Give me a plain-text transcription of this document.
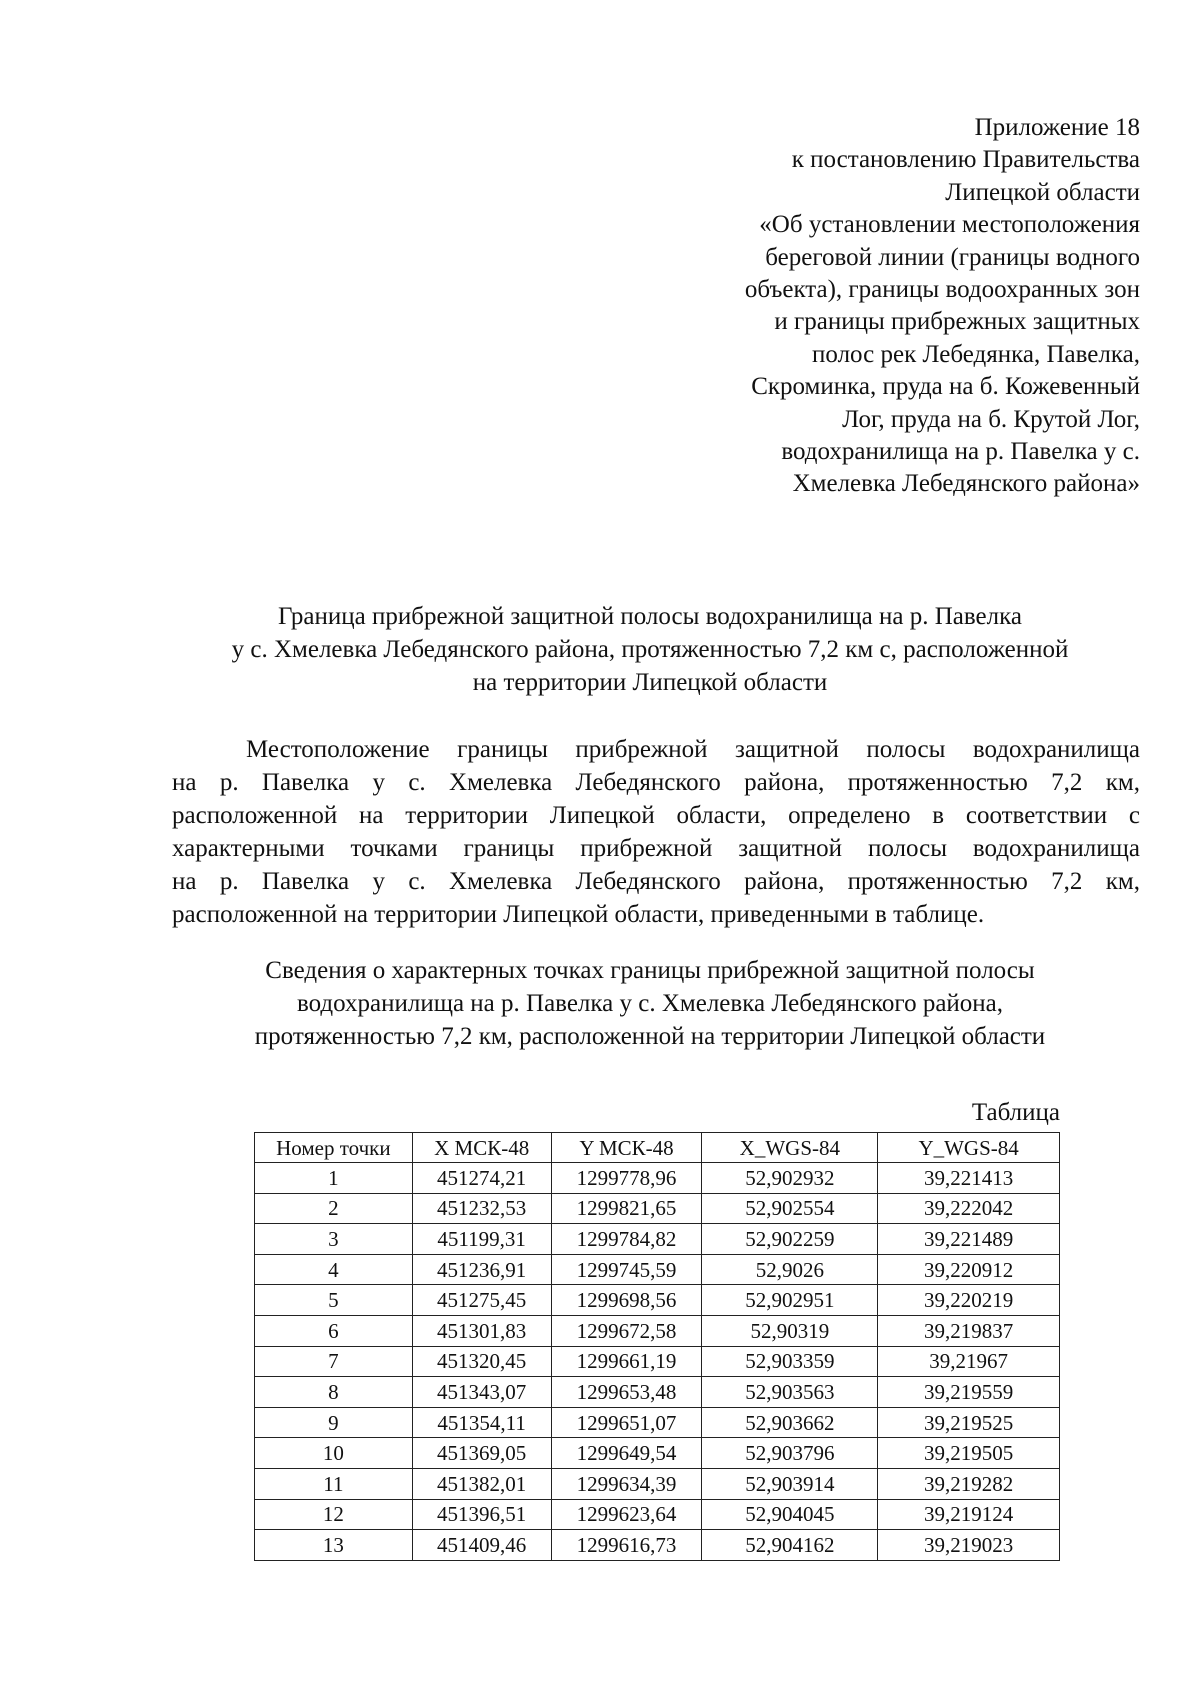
Приложение 18
к постановлению Правительства
Липецкой области
«Об установлении местоположения
береговой линии (границы водного
объекта), границы водоохранных зон
и границы прибрежных защитных
полос рек Лебедянка, Павелка,
Скроминка, пруда на б. Кожевенный
Лог, пруда на б. Крутой Лог,
водохранилища на р. Павелка у с.
Хмелевка Лебедянского района»
Граница прибрежной защитной полосы водохранилища на р. Павелка
у с. Хмелевка Лебедянского района, протяженностью 7,2 км с, расположенной
на территории Липецкой области
Местоположение границы прибрежной защитной полосы водохранилища
на р. Павелка у с. Хмелевка Лебедянского района, протяженностью 7,2 км,
расположенной на территории Липецкой области, определено в соответствии с
характерными точками границы прибрежной защитной полосы водохранилища
на р. Павелка у с. Хмелевка Лебедянского района, протяженностью 7,2 км,
расположенной на территории Липецкой области, приведенными в таблице.
Сведения о характерных точках границы прибрежной защитной полосы
водохранилища на р. Павелка у с. Хмелевка Лебедянского района,
протяженностью 7,2 км, расположенной на территории Липецкой области
Таблица
Номер точки	X МСК-48	Y МСК-48	X_WGS-84	Y_WGS-84
1	451274,21	1299778,96	52,902932	39,221413
2	451232,53	1299821,65	52,902554	39,222042
3	451199,31	1299784,82	52,902259	39,221489
4	451236,91	1299745,59	52,9026	39,220912
5	451275,45	1299698,56	52,902951	39,220219
6	451301,83	1299672,58	52,90319	39,219837
7	451320,45	1299661,19	52,903359	39,21967
8	451343,07	1299653,48	52,903563	39,219559
9	451354,11	1299651,07	52,903662	39,219525
10	451369,05	1299649,54	52,903796	39,219505
11	451382,01	1299634,39	52,903914	39,219282
12	451396,51	1299623,64	52,904045	39,219124
13	451409,46	1299616,73	52,904162	39,219023
